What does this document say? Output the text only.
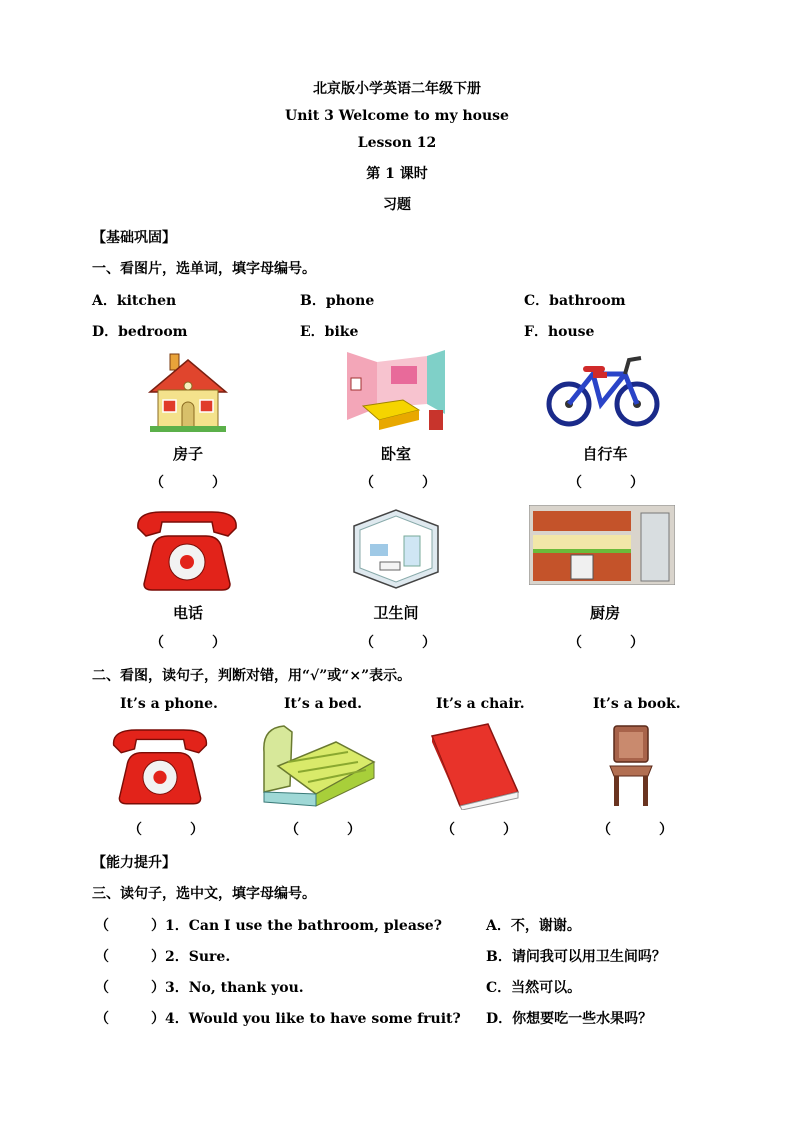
北京版小学英语二年级下册
Unit 3 Welcome to my house
Lesson 12
第 1 课时
习题
【基础巩固】
一、看图片，选单词，填字母编号。
A．kitchen	B．phone	C．bathroom
D．bedroom	E．bike	F．house
房子	卧室	自行车
（	）	（	）	（	）
电话	卫生间	厨房
（	）	（	）	（	）
二、看图，读句子，判断对错，用“√”或“×”表示。
It’s a phone.	It’s a bed.	It’s a chair.	It’s a book.
（	）	（	）	（	）	（	）
【能力提升】
三、读句子，选中文，填字母编号。
（	）1．Can I use the bathroom, please?
（	）2．Sure.
（	）3．No, thank you.
（	）4．Would you like to have some fruit?
A．不，谢谢。
B．请问我可以用卫生间吗？
C．当然可以。
D．你想要吃一些水果吗？
